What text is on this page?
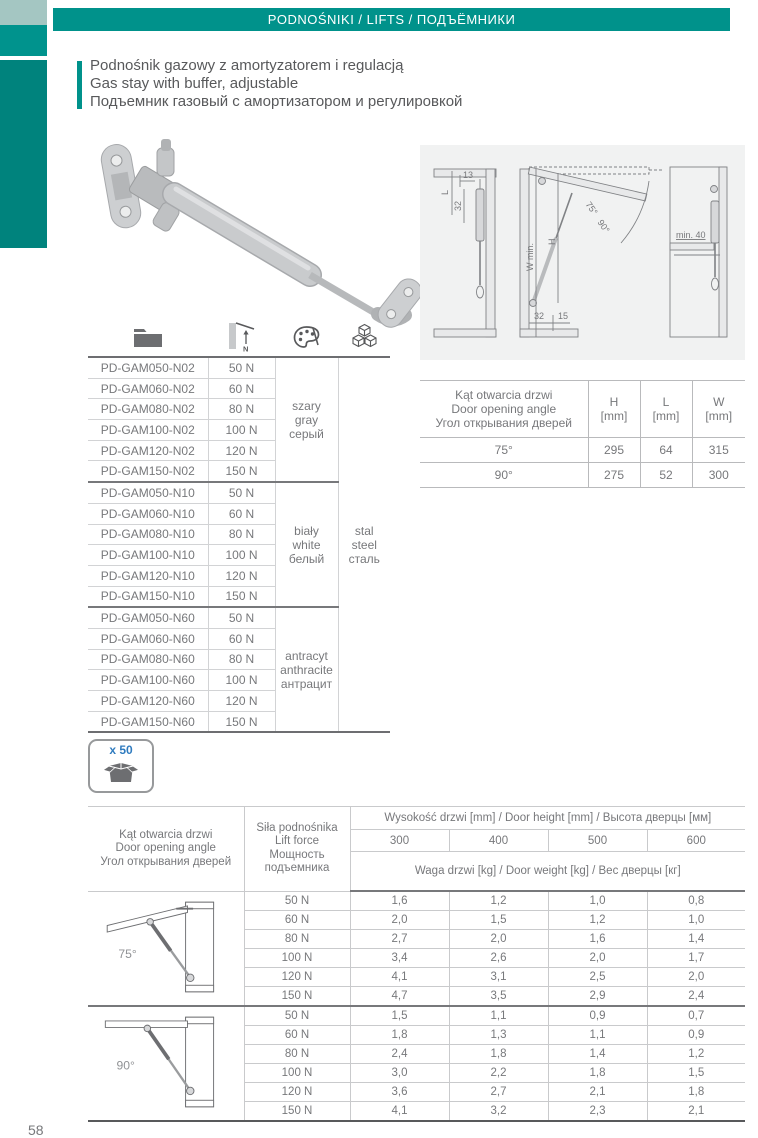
PODNOŚNIKI / LIFTS / ПОДЪЁМНИКИ
Podnośnik gazowy z amortyzatorem i regulacją
Gas stay with buffer, adjustable
Подъемник газовый с амортизатором и регулировкой
13
L
32
W min.
H
75°
90°
32 15
min. 40
N
PD-GAM050-N02	50 N	
szary
gray
серый

stal
steel
сталь

PD-GAM060-N02	60 N		
PD-GAM080-N02	80 N		
PD-GAM100-N02	100 N		
PD-GAM120-N02	120 N		
PD-GAM150-N02	150 N		
PD-GAM050-N10	50 N	biały
white
белый	

PD-GAM060-N10	60 N		
PD-GAM080-N10	80 N		
PD-GAM100-N10	100 N		
PD-GAM120-N10	120 N		
PD-GAM150-N10	150 N		
PD-GAM050-N60	50 N	antracyt
anthracite
антрацит	

PD-GAM060-N60	60 N		
PD-GAM080-N60	80 N		
PD-GAM100-N60	100 N		
PD-GAM120-N60	120 N		
PD-GAM150-N60	150 N		
x 50
Kąt otwarcia drzwi
Door opening angle
Угол открывания дверей

H
[mm]

L
[mm]

W
[mm]

75°	295	64	315
90°	275	52	300
Kąt otwarcia drzwi
Door opening angle
Угол открывания дверей

Siła podnośnika
Lift force
Мощность
подъемника
	Wysokość drzwi [mm] / Door height [mm] / Высота дверцы [мм]
		300	400	500	600
		Waga drzwi [kg] / Door weight [kg] / Вес дверцы [кг]			

75°	50 N	1,6	1,2	1,0	0,8
	60 N	2,0	1,5	1,2	1,0
	80 N	2,7	2,0	1,6	1,4
	100 N	3,4	2,6	2,0	1,7
	120 N	4,1	3,1	2,5	2,0
	150 N	4,7	3,5	2,9	2,4

90°	50 N	1,5	1,1	0,9	0,7
	60 N	1,8	1,3	1,1	0,9
	80 N	2,4	1,8	1,4	1,2
	100 N	3,0	2,2	1,8	1,5
	120 N	3,6	2,7	2,1	1,8
	150 N	4,1	3,2	2,3	2,1
58
